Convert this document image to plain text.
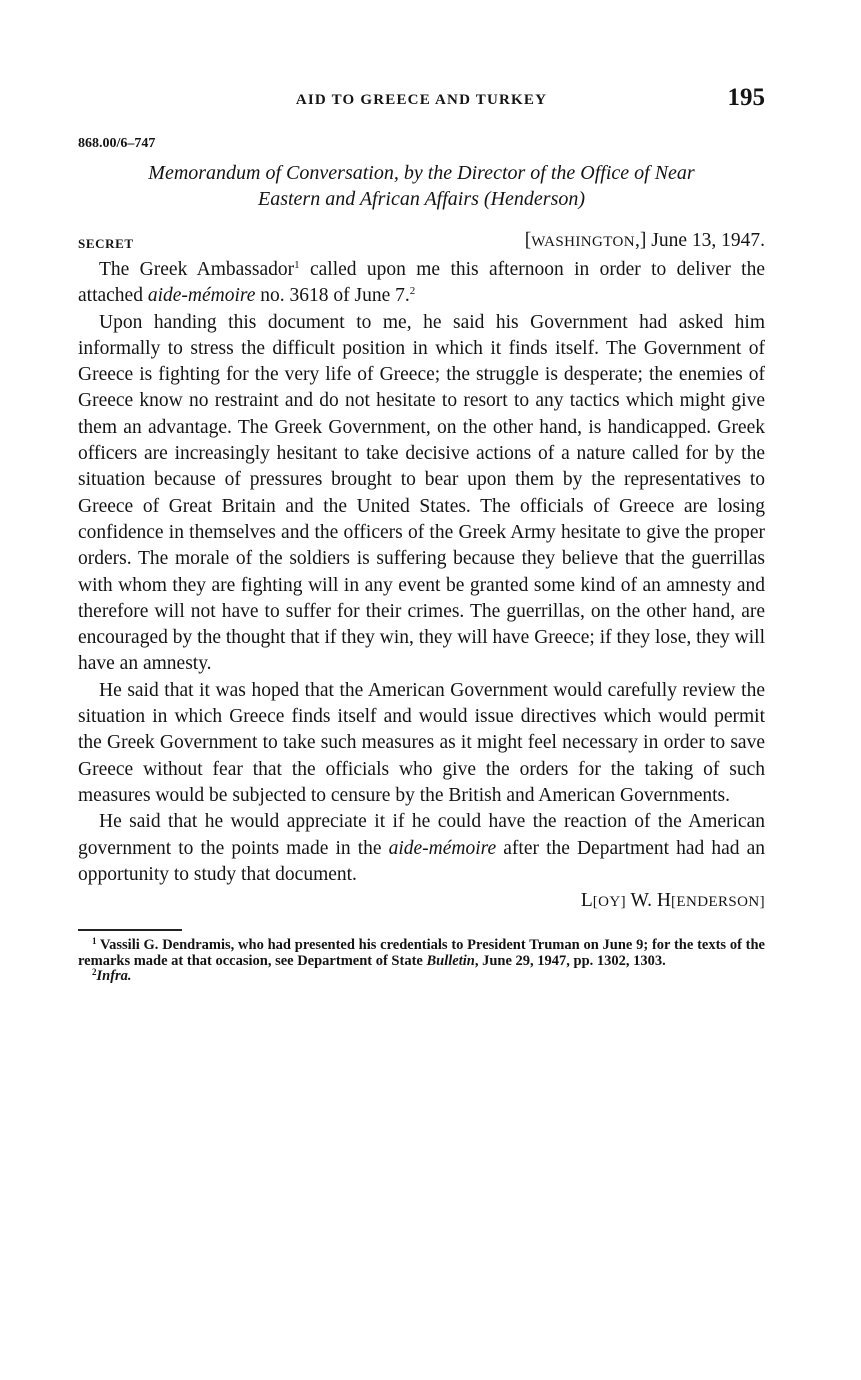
AID TO GREECE AND TURKEY	195
868.00/6–747
Memorandum of Conversation, by the Director of the Office of Near
Eastern and African Affairs (Henderson)
SECRET	[WASHINGTON,] June 13, 1947.

The Greek Ambassador$^1$ called upon me this afternoon in order to deliver the attached aide-mémoire no. 3618 of June 7.$^2$

Upon handing this document to me, he said his Government had asked him informally to stress the difficult position in which it finds itself. The Government of Greece is fighting for the very life of Greece; the struggle is desperate; the enemies of Greece know no restraint and do not hesitate to resort to any tactics which might give them an advantage. The Greek Government, on the other hand, is handicapped. Greek officers are increasingly hesitant to take decisive actions of a nature called for by the situation because of pressures brought to bear upon them by the representatives to Greece of Great Britain and the United States. The officials of Greece are losing confidence in themselves and the officers of the Greek Army hesitate to give the proper orders. The morale of the soldiers is suffering because they believe that the guerrillas with whom they are fighting will in any event be granted some kind of an amnesty and therefore will not have to suffer for their crimes. The guerrillas, on the other hand, are encouraged by the thought that if they win, they will have Greece; if they lose, they will have an amnesty.

He said that it was hoped that the American Government would carefully review the situation in which Greece finds itself and would issue directives which would permit the Greek Government to take such measures as it might feel necessary in order to save Greece without fear that the officials who give the orders for the taking of such measures would be subjected to censure by the British and American Governments.

He said that he would appreciate it if he could have the reaction of the American government to the points made in the aide-mémoire after the Department had had an opportunity to study that document.

L[OY] W. H[ENDERSON]

$^1$ Vassili G. Dendramis, who had presented his credentials to President Truman on June 9; for the texts of the remarks made at that occasion, see Department of State Bulletin, June 29, 1947, pp. 1302, 1303.

$^2$Infra.
